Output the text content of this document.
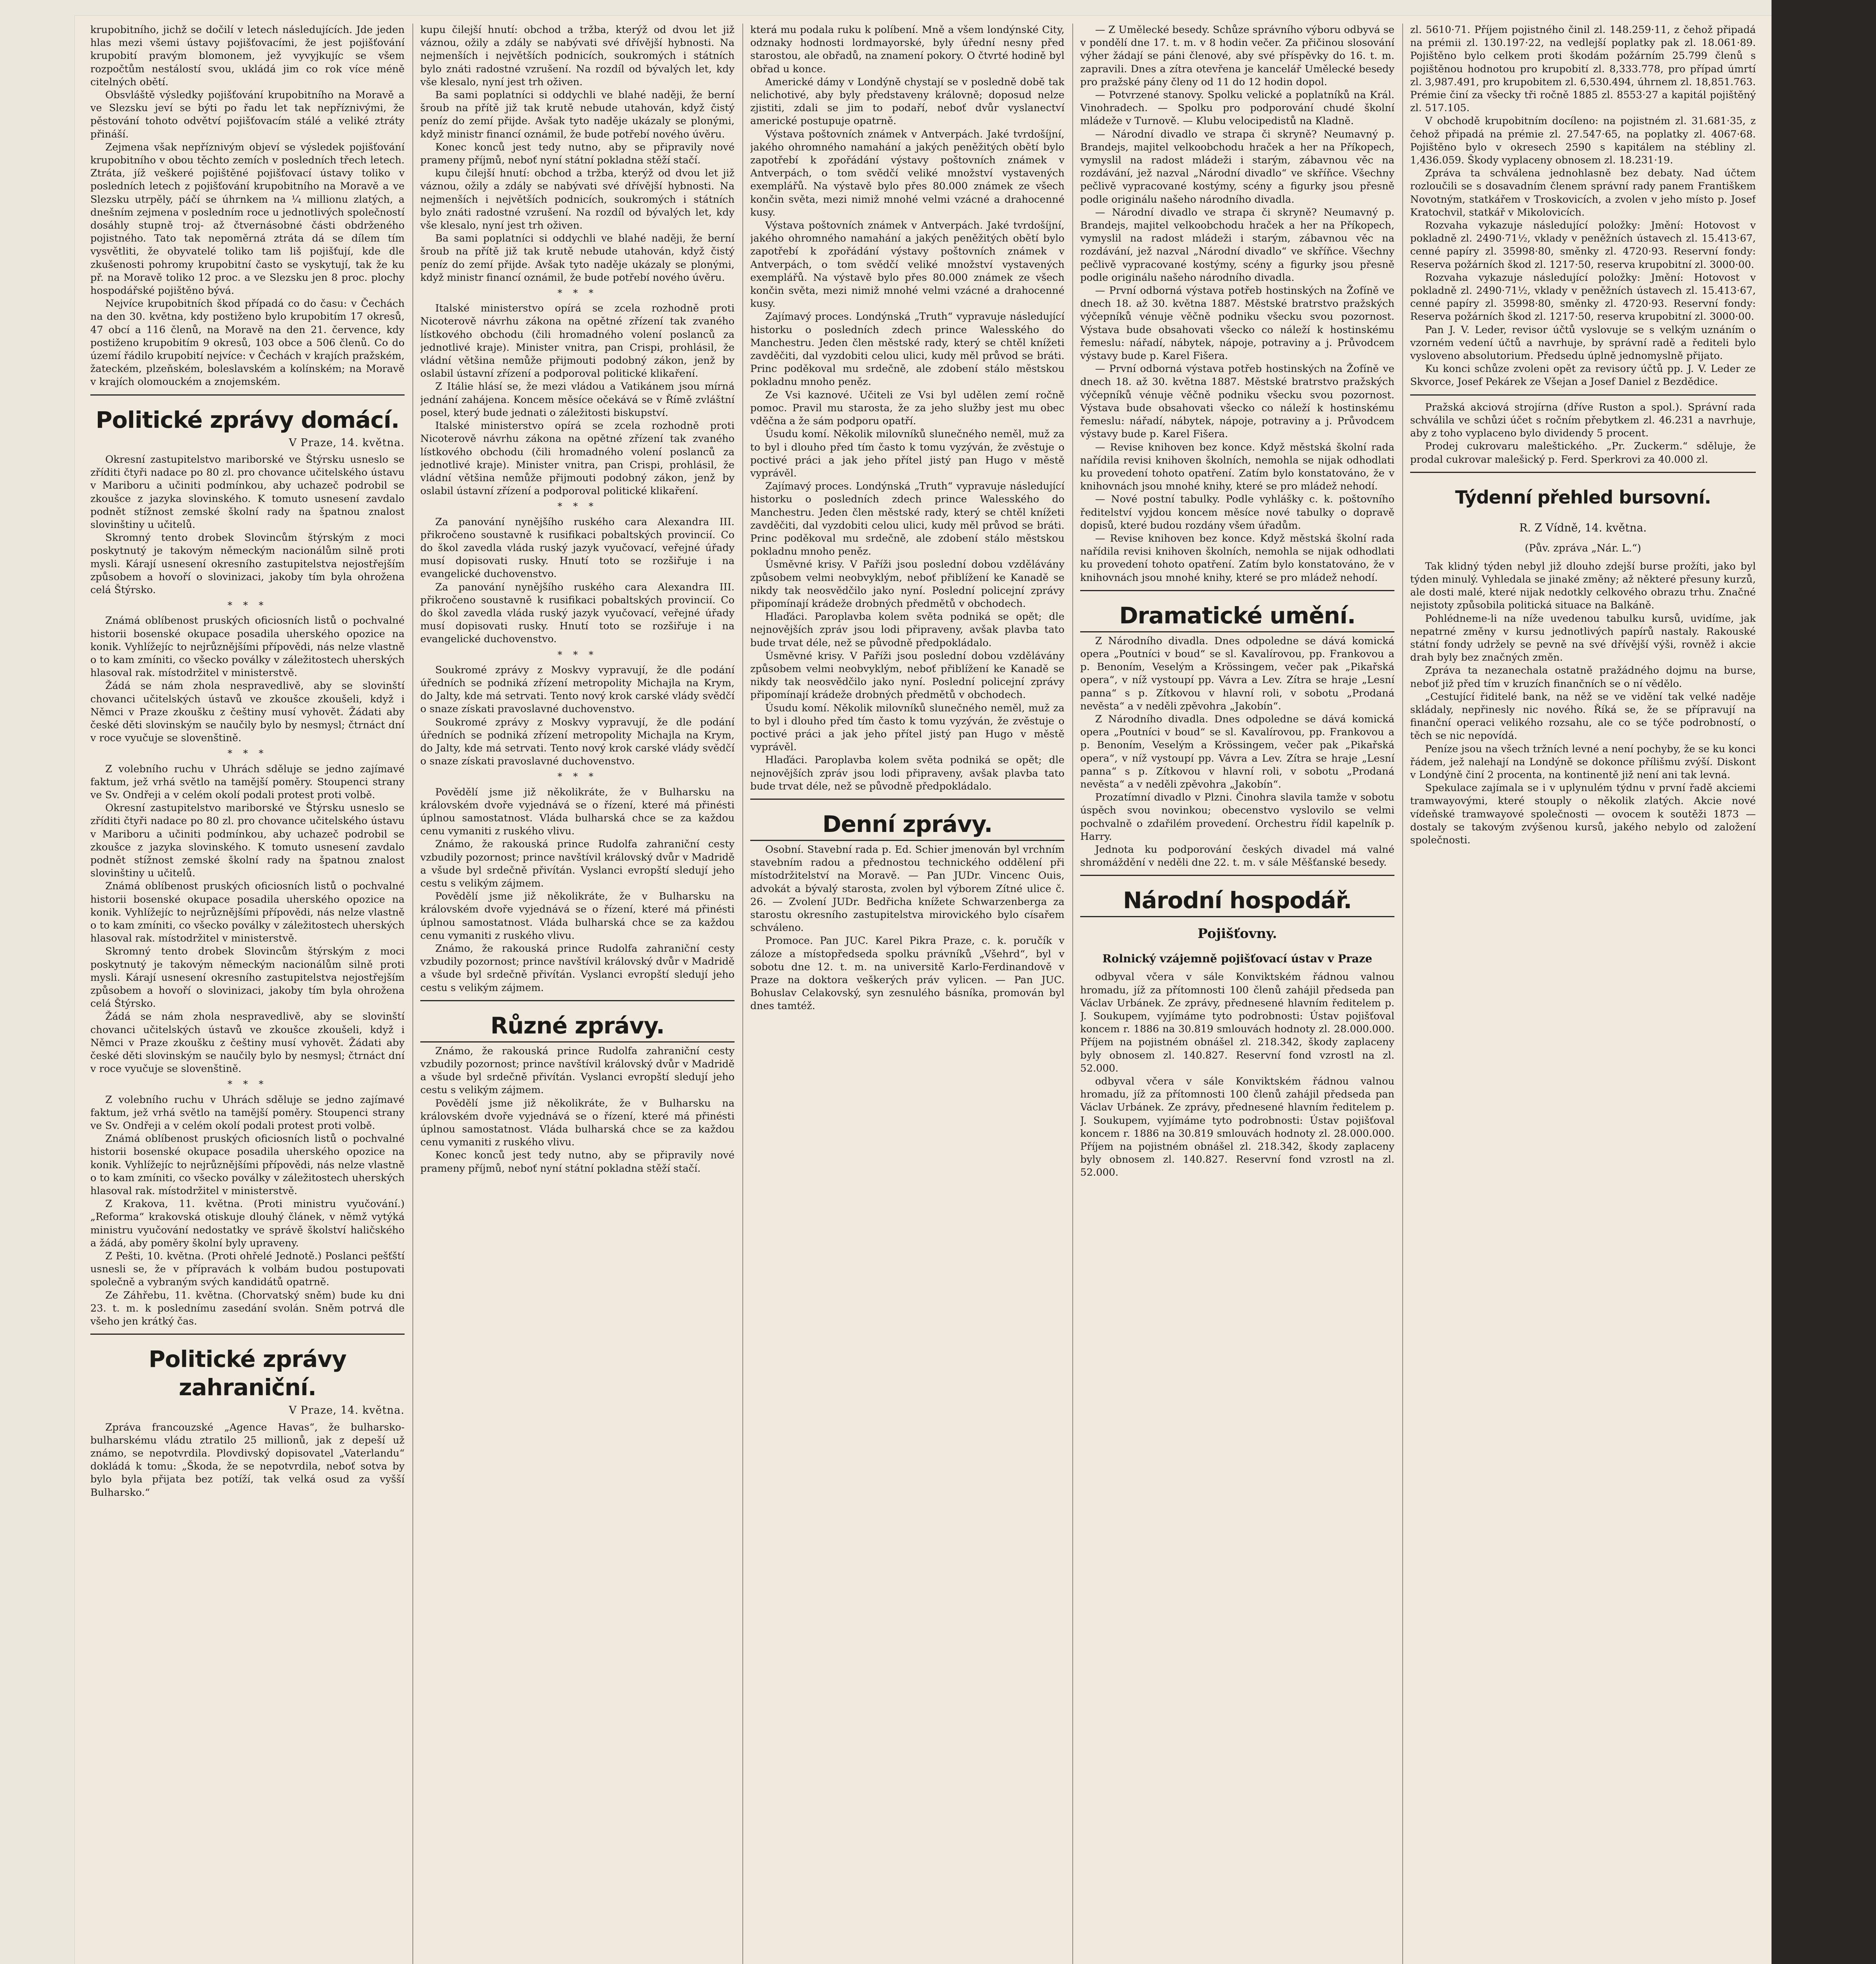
krupobitního, jichž se dočilí v letech následujících. Jde jeden hlas mezi všemi ústavy pojišťovacími, že jest pojišťování krupobití pravým blomonem, jež vyvyjkujíc se všem rozpočtům nestálostí svou, ukládá jim co rok více méně citelných obětí.

Obsvláště výsledky pojišťování krupobitního na Moravě a ve Slezsku jeví se býti po řadu let tak nepříznivými, že pěstování tohoto odvětví pojišťovacím stálé a veliké ztráty přináší.

Zejmena však nepříznivým objeví se výsledek pojišťování krupobitního v obou těchto zemích v posledních třech letech. Ztráta, jíž veškeré pojištěné pojišťovací ústavy toliko v posledních letech z pojišťování krupobitního na Moravě a ve Slezsku utrpěly, páčí se úhrnkem na ¼ millionu zlatých, a dnešním zejmena v posledním roce u jednotlivých společností dosáhly stupně troj- až čtvernásobné části obdrženého pojistného. Tato tak nepoměrná ztráta dá se dílem tím vysvětliti, že obyvatelé toliko tam liš pojišťují, kde dle zkušenosti pohromy krupobitní často se vyskytují, tak že ku př. na Moravě toliko 12 proc. a ve Slezsku jen 8 proc. plochy hospodářské pojištěno bývá.

Nejvíce krupobitních škod případá co do času: v Čechách na den 30. května, kdy postiženo bylo krupobitím 17 okresů, 47 obcí a 116 členů, na Moravě na den 21. července, kdy postiženo krupobitím 9 okresů, 103 obce a 506 členů. Co do území řádilo krupobití nejvíce: v Čechách v krajích pražském, žateckém, plzeňském, boleslavském a kolínském; na Moravě v krajích olomouckém a znojemském.

Politické zprávy domácí.
V Praze, 14. května.

Okresní zastupitelstvo mariborské ve Štýrsku usneslo se zříditi čtyři nadace po 80 zl. pro chovance učitelského ústavu v Mariboru a učiniti podmínkou, aby uchazeč podrobil se zkoušce z jazyka slovinského. K tomuto usnesení zavdalo podnět stížnost zemské školní rady na špatnou znalost slovinštiny u učitelů.

Skromný tento drobek Slovincům štýrským z moci poskytnutý je takovým německým nacionálům silně proti mysli. Kárají usnesení okresního zastupitelstva nejostřejším způsobem a hovoří o slovinizaci, jakoby tím byla ohrožena celá Štýrsko.

* * *

Známá oblíbenost pruských oficiosních listů o pochvalné historii bosenské okupace posadila uherského opozice na konik. Vyhlížejíc to nejrůznějšími přípovědi, nás nelze vlastně o to kam zmíniti, co všecko poválky v záležitostech uherských hlasoval rak. místodržitel v ministerstvě.

Žádá se nám zhola nespravedlivě, aby se slovinští chovanci učitelských ústavů ve zkoušce zkoušeli, když i Němci v Praze zkoušku z češtiny musí vyhovět. Žádati aby české děti slovinským se naučily bylo by nesmysl; čtrnáct dní v roce vyučuje se slovenštině.

* * *

Z volebního ruchu v Uhrách sděluje se jedno zajímavé faktum, jež vrhá světlo na tamější poměry. Stoupenci strany ve Sv. Ondřeji a v celém okolí podali protest proti volbě.

Okresní zastupitelstvo mariborské ve Štýrsku usneslo se zříditi čtyři nadace po 80 zl. pro chovance učitelského ústavu v Mariboru a učiniti podmínkou, aby uchazeč podrobil se zkoušce z jazyka slovinského. K tomuto usnesení zavdalo podnět stížnost zemské školní rady na špatnou znalost slovinštiny u učitelů.

Známá oblíbenost pruských oficiosních listů o pochvalné historii bosenské okupace posadila uherského opozice na konik. Vyhlížejíc to nejrůznějšími přípovědi, nás nelze vlastně o to kam zmíniti, co všecko poválky v záležitostech uherských hlasoval rak. místodržitel v ministerstvě.

Skromný tento drobek Slovincům štýrským z moci poskytnutý je takovým německým nacionálům silně proti mysli. Kárají usnesení okresního zastupitelstva nejostřejším způsobem a hovoří o slovinizaci, jakoby tím byla ohrožena celá Štýrsko.

Žádá se nám zhola nespravedlivě, aby se slovinští chovanci učitelských ústavů ve zkoušce zkoušeli, když i Němci v Praze zkoušku z češtiny musí vyhovět. Žádati aby české děti slovinským se naučily bylo by nesmysl; čtrnáct dní v roce vyučuje se slovenštině.

* * *

Z volebního ruchu v Uhrách sděluje se jedno zajímavé faktum, jež vrhá světlo na tamější poměry. Stoupenci strany ve Sv. Ondřeji a v celém okolí podali protest proti volbě.

Známá oblíbenost pruských oficiosních listů o pochvalné historii bosenské okupace posadila uherského opozice na konik. Vyhlížejíc to nejrůznějšími přípovědi, nás nelze vlastně o to kam zmíniti, co všecko poválky v záležitostech uherských hlasoval rak. místodržitel v ministerstvě.

Z Krakova, 11. května. (Proti ministru vyučování.) „Reforma“ krakovská otiskuje dlouhý článek, v němž vytýká ministru vyučování nedostatky ve správě školství haličského a žádá, aby poměry školní byly upraveny.

Z Pešti, 10. května. (Proti ohřelé Jednotě.) Poslanci pešťští usnesli se, že v přípravách k volbám budou postupovati společně a vybraným svých kandidátů opatrně.

Ze Záhřebu, 11. května. (Chorvatský sněm) bude ku dni 23. t. m. k poslednímu zasedání svolán. Sněm potrvá dle všeho jen krátký čas.

Politické zprávy zahraniční.
V Praze, 14. května.

Zpráva francouzské „Agence Havas“, že bulharsko-bulharskému vládu ztratilo 25 millionů, jak z depeší už známo, se nepotvrdila. Plovdivský dopisovatel „Vaterlandu“ dokládá k tomu: „Škoda, že se nepotvrdila, neboť sotva by bylo byla přijata bez potíží, tak velká osud za vyšší Bulharsko.“

kupu čilejší hnutí: obchod a tržba, kterýž od dvou let již váznou, ožily a zdály se nabývati své dřívější hybnosti. Na nejmenších i největších podnicích, soukromých i státních bylo znáti radostné vzrušení. Na rozdíl od bývalých let, kdy vše klesalo, nyní jest trh oživen.

Ba sami poplatníci si oddychli ve blahé naději, že berní šroub na přítě již tak krutě nebude utahován, když čistý peníz do zemí přijde. Avšak tyto naděje ukázaly se plonými, když ministr financí oznámil, že bude potřebí nového úvěru.

Konec konců jest tedy nutno, aby se připravily nové prameny příjmů, neboť nyní státní pokladna stěží stačí.

kupu čilejší hnutí: obchod a tržba, kterýž od dvou let již váznou, ožily a zdály se nabývati své dřívější hybnosti. Na nejmenších i největších podnicích, soukromých i státních bylo znáti radostné vzrušení. Na rozdíl od bývalých let, kdy vše klesalo, nyní jest trh oživen.

Ba sami poplatníci si oddychli ve blahé naději, že berní šroub na přítě již tak krutě nebude utahován, když čistý peníz do zemí přijde. Avšak tyto naděje ukázaly se plonými, když ministr financí oznámil, že bude potřebí nového úvěru.

* * *

Italské ministerstvo opírá se zcela rozhodně proti Nicoterově návrhu zákona na opětné zřízení tak zvaného lístkového obchodu (čili hromadného volení poslanců za jednotlivé kraje). Minister vnitra, pan Crispi, prohlásil, že vládní většina nemůže přijmouti podobný zákon, jenž by oslabil ústavní zřízení a podporoval politické klikaření.

Z Itálie hlásí se, že mezi vládou a Vatikánem jsou mírná jednání zahájena. Koncem měsíce očekává se v Římě zvláštní posel, který bude jednati o záležitosti biskupství.

Italské ministerstvo opírá se zcela rozhodně proti Nicoterově návrhu zákona na opětné zřízení tak zvaného lístkového obchodu (čili hromadného volení poslanců za jednotlivé kraje). Minister vnitra, pan Crispi, prohlásil, že vládní většina nemůže přijmouti podobný zákon, jenž by oslabil ústavní zřízení a podporoval politické klikaření.

* * *

Za panování nynějšího ruského cara Alexandra III. přikročeno soustavně k rusifikaci pobaltských provincií. Co do škol zavedla vláda ruský jazyk vyučovací, veřejné úřady musí dopisovati rusky. Hnutí toto se rozšiřuje i na evangelické duchovenstvo.

Za panování nynějšího ruského cara Alexandra III. přikročeno soustavně k rusifikaci pobaltských provincií. Co do škol zavedla vláda ruský jazyk vyučovací, veřejné úřady musí dopisovati rusky. Hnutí toto se rozšiřuje i na evangelické duchovenstvo.

* * *

Soukromé zprávy z Moskvy vypravují, že dle podání úředních se podniká zřízení metropolity Michajla na Krym, do Jalty, kde má setrvati. Tento nový krok carské vlády svědčí o snaze získati pravoslavné duchovenstvo.

Soukromé zprávy z Moskvy vypravují, že dle podání úředních se podniká zřízení metropolity Michajla na Krym, do Jalty, kde má setrvati. Tento nový krok carské vlády svědčí o snaze získati pravoslavné duchovenstvo.

* * *

Povědělí jsme již několikráte, že v Bulharsku na královském dvoře vyjednává se o řízení, které má přinésti úplnou samostatnost. Vláda bulharská chce se za každou cenu vymaniti z ruského vlivu.

Známo, že rakouská prince Rudolfa zahraniční cesty vzbudily pozornost; prince navštívil královský dvůr v Madridě a všude byl srdečně přivítán. Vyslanci evropští sledují jeho cestu s velikým zájmem.

Povědělí jsme již několikráte, že v Bulharsku na královském dvoře vyjednává se o řízení, které má přinésti úplnou samostatnost. Vláda bulharská chce se za každou cenu vymaniti z ruského vlivu.

Známo, že rakouská prince Rudolfa zahraniční cesty vzbudily pozornost; prince navštívil královský dvůr v Madridě a všude byl srdečně přivítán. Vyslanci evropští sledují jeho cestu s velikým zájmem.

Různé zprávy.

Známo, že rakouská prince Rudolfa zahraniční cesty vzbudily pozornost; prince navštívil královský dvůr v Madridě a všude byl srdečně přivítán. Vyslanci evropští sledují jeho cestu s velikým zájmem.

Povědělí jsme již několikráte, že v Bulharsku na královském dvoře vyjednává se o řízení, které má přinésti úplnou samostatnost. Vláda bulharská chce se za každou cenu vymaniti z ruského vlivu.

Konec konců jest tedy nutno, aby se připravily nové prameny příjmů, neboť nyní státní pokladna stěží stačí.

která mu podala ruku k políbení. Mně a všem londýnské City, odznaky hodnosti lordmayorské, byly úřední nesny před starostou, ale obřadů, na znamení pokory. O čtvrté hodině byl obřad u konce.

Americké dámy v Londýně chystají se v posledně době tak nelichotivé, aby byly představeny královně; doposud nelze zjistiti, zdali se jim to podaří, neboť dvůr vyslanectví americké postupuje opatrně.

Výstava poštovních známek v Antverpách. Jaké tvrdošíjní, jakého ohromného namahání a jakých peněžitých obětí bylo zapotřebí k zpořádání výstavy poštovních známek v Antverpách, o tom svědčí veliké množství vystavených exemplářů. Na výstavě bylo přes 80.000 známek ze všech končin světa, mezi nimiž mnohé velmi vzácné a drahocenné kusy.

Výstava poštovních známek v Antverpách. Jaké tvrdošíjní, jakého ohromného namahání a jakých peněžitých obětí bylo zapotřebí k zpořádání výstavy poštovních známek v Antverpách, o tom svědčí veliké množství vystavených exemplářů. Na výstavě bylo přes 80.000 známek ze všech končin světa, mezi nimiž mnohé velmi vzácné a drahocenné kusy.

Zajímavý proces. Londýnská „Truth“ vypravuje následující historku o posledních zdech prince Walesského do Manchestru. Jeden člen městské rady, který se chtěl knížeti zavděčiti, dal vyzdobiti celou ulici, kudy měl průvod se bráti. Princ poděkoval mu srdečně, ale zdobení stálo městskou pokladnu mnoho peněz.

Ze Vsi kaznové. Učiteli ze Vsi byl udělen zemí ročně pomoc. Pravil mu starosta, že za jeho služby jest mu obec vděčna a že sám podporu opatří.

Úsudu komí. Několik milovníků slunečného neměl, muž za to byl i dlouho před tím často k tomu vyzýván, že zvěstuje o poctivé práci a jak jeho přítel jistý pan Hugo v městě vyprávěl.

Zajímavý proces. Londýnská „Truth“ vypravuje následující historku o posledních zdech prince Walesského do Manchestru. Jeden člen městské rady, který se chtěl knížeti zavděčiti, dal vyzdobiti celou ulici, kudy měl průvod se bráti. Princ poděkoval mu srdečně, ale zdobení stálo městskou pokladnu mnoho peněz.

Úsměvné krisy. V Paříži jsou poslední dobou vzdělávány způsobem velmi neobvyklým, neboť přiblížení ke Kanadě se nikdy tak neosvědčilo jako nyní. Poslední policejní zprávy připomínají krádeže drobných předmětů v obchodech.

Hlaďáci. Paroplavba kolem světa podniká se opět; dle nejnovějších zpráv jsou lodi připraveny, avšak plavba tato bude trvat déle, než se původně předpokládalo.

Úsměvné krisy. V Paříži jsou poslední dobou vzdělávány způsobem velmi neobvyklým, neboť přiblížení ke Kanadě se nikdy tak neosvědčilo jako nyní. Poslední policejní zprávy připomínají krádeže drobných předmětů v obchodech.

Úsudu komí. Několik milovníků slunečného neměl, muž za to byl i dlouho před tím často k tomu vyzýván, že zvěstuje o poctivé práci a jak jeho přítel jistý pan Hugo v městě vyprávěl.

Hlaďáci. Paroplavba kolem světa podniká se opět; dle nejnovějších zpráv jsou lodi připraveny, avšak plavba tato bude trvat déle, než se původně předpokládalo.

Denní zprávy.

Osobní. Stavební rada p. Ed. Schier jmenován byl vrchním stavebním radou a přednostou technického oddělení při místodržitelství na Moravě. — Pan JUDr. Vincenc Ouis, advokát a bývalý starosta, zvolen byl výborem Zítné ulice č. 26. — Zvolení JUDr. Bedřicha knížete Schwarzenberga za starostu okresního zastupitelstva mirovického bylo císařem schváleno.

Promoce. Pan JUC. Karel Pikra Praze, c. k. poručík v záloze a místopředseda spolku právníků „Všehrd“, byl v sobotu dne 12. t. m. na universitě Karlo-Ferdinandově v Praze na doktora veškerých práv vylicen. — Pan JUC. Bohuslav Celakovský, syn zesnulého básníka, promován byl dnes tamtéž.

— Z Umělecké besedy. Schůze správního výboru odbyvá se v pondělí dne 17. t. m. v 8 hodin večer. Za přičinou slosování výher žádají se páni členové, aby své příspěvky do 16. t. m. zapravili. Dnes a zítra otevřena je kancelář Umělecké besedy pro pražské pány členy od 11 do 12 hodin dopol.

— Potvrzené stanovy. Spolku velické a poplatníků na Král. Vinohradech. — Spolku pro podporování chudé školní mládeže v Turnově. — Klubu velocipedistů na Kladně.

— Národní divadlo ve strapa či skryně? Neumavný p. Brandejs, majitel velkoobchodu hraček a her na Příkopech, vymyslil na radost mládeži i starým, zábavnou věc na rozdávání, jež nazval „Národní divadlo“ ve skříňce. Všechny pečlivě vypracované kostýmy, scény a figurky jsou přesně podle originálu našeho národního divadla.

— Národní divadlo ve strapa či skryně? Neumavný p. Brandejs, majitel velkoobchodu hraček a her na Příkopech, vymyslil na radost mládeži i starým, zábavnou věc na rozdávání, jež nazval „Národní divadlo“ ve skříňce. Všechny pečlivě vypracované kostýmy, scény a figurky jsou přesně podle originálu našeho národního divadla.

— První odborná výstava potřeb hostinských na Žofíně ve dnech 18. až 30. května 1887. Městské bratrstvo pražských výčepníků vénuje věčně podniku všecku svou pozornost. Výstava bude obsahovati všecko co náleží k hostinskému řemeslu: nářadí, nábytek, nápoje, potraviny a j. Průvodcem výstavy bude p. Karel Fišera.

— První odborná výstava potřeb hostinských na Žofíně ve dnech 18. až 30. května 1887. Městské bratrstvo pražských výčepníků vénuje věčně podniku všecku svou pozornost. Výstava bude obsahovati všecko co náleží k hostinskému řemeslu: nářadí, nábytek, nápoje, potraviny a j. Průvodcem výstavy bude p. Karel Fišera.

— Revise knihoven bez konce. Když městská školní rada nařídila revisi knihoven školních, nemohla se nijak odhodlati ku provedení tohoto opatření. Zatím bylo konstatováno, že v knihovnách jsou mnohé knihy, které se pro mládež nehodí.

— Nové postní tabulky. Podle vyhlášky c. k. poštovního ředitelství vyjdou koncem měsíce nové tabulky o dopravě dopisů, které budou rozdány všem úřadům.

— Revise knihoven bez konce. Když městská školní rada nařídila revisi knihoven školních, nemohla se nijak odhodlati ku provedení tohoto opatření. Zatím bylo konstatováno, že v knihovnách jsou mnohé knihy, které se pro mládež nehodí.

Dramatické umění.

Z Národního divadla. Dnes odpoledne se dává komická opera „Poutníci v boud“ se sl. Kavalírovou, pp. Frankovou a p. Benoním, Veselým a Krössingem, večer pak „Pikařská opera“, v níž vystoupí pp. Vávra a Lev. Zítra se hraje „Lesní panna“ s p. Zítkovou v hlavní roli, v sobotu „Prodaná nevěsta“ a v neděli zpěvohra „Jakobín“.

Z Národního divadla. Dnes odpoledne se dává komická opera „Poutníci v boud“ se sl. Kavalírovou, pp. Frankovou a p. Benoním, Veselým a Krössingem, večer pak „Pikařská opera“, v níž vystoupí pp. Vávra a Lev. Zítra se hraje „Lesní panna“ s p. Zítkovou v hlavní roli, v sobotu „Prodaná nevěsta“ a v neděli zpěvohra „Jakobín“.

Prozatímní divadlo v Plzni. Činohra slavila tamže v sobotu úspěch svou novinkou; obecenstvo vyslovilo se velmi pochvalně o zdařilém provedení. Orchestru řídil kapelník p. Harry.

Jednota ku podporování českých divadel má valné shromáždění v neděli dne 22. t. m. v sále Měšťanské besedy.

Národní hospodář.
Pojišťovny.
Rolnický vzájemně pojišťovací ústav v Praze

odbyval včera v sále Konviktském řádnou valnou hromadu, jíž za přítomnosti 100 členů zahájil předseda pan Václav Urbánek. Ze zprávy, přednesené hlavním ředitelem p. J. Soukupem, vyjímáme tyto podrobnosti: Ústav pojišťoval koncem r. 1886 na 30.819 smlouvách hodnoty zl. 28.000.000. Příjem na pojistném obnášel zl. 218.342, škody zaplaceny byly obnosem zl. 140.827. Reservní fond vzrostl na zl. 52.000.

odbyval včera v sále Konviktském řádnou valnou hromadu, jíž za přítomnosti 100 členů zahájil předseda pan Václav Urbánek. Ze zprávy, přednesené hlavním ředitelem p. J. Soukupem, vyjímáme tyto podrobnosti: Ústav pojišťoval koncem r. 1886 na 30.819 smlouvách hodnoty zl. 28.000.000. Příjem na pojistném obnášel zl. 218.342, škody zaplaceny byly obnosem zl. 140.827. Reservní fond vzrostl na zl. 52.000.

zl. 5610·71. Příjem pojistného činil zl. 148.259·11, z čehož připadá na prémii zl. 130.197·22, na vedlejší poplatky pak zl. 18.061·89. Pojištěno bylo celkem proti škodám požárním 25.799 členů s pojištěnou hodnotou pro krupobití zl. 8,333.778, pro případ úmrtí zl. 3,987.491, pro krupobitem zl. 6,530.494, úhrnem zl. 18,851.763. Prémie činí za všecky tři ročně 1885 zl. 8553·27 a kapitál pojištěný zl. 517.105.

V obchodě krupobitním docíleno: na pojistném zl. 31.681·35, z čehož připadá na prémie zl. 27.547·65, na poplatky zl. 4067·68. Pojištěno bylo v okresech 2590 s kapitálem na stébliny zl. 1,436.059. Škody vyplaceny obnosem zl. 18.231·19.

Zpráva ta schválena jednohlasně bez debaty. Nad účtem rozloučili se s dosavadním členem správní rady panem Františkem Novotným, statkářem v Troskovicích, a zvolen v jeho místo p. Josef Kratochvil, statkář v Mikolovicích.

Rozvaha vykazuje následující položky: Jmění: Hotovost v pokladně zl. 2490·71½, vklady v peněžních ústavech zl. 15.413·67, cenné papíry zl. 35998·80, směnky zl. 4720·93. Reservní fondy: Reserva požárních škod zl. 1217·50, reserva krupobitní zl. 3000·00.

Rozvaha vykazuje následující položky: Jmění: Hotovost v pokladně zl. 2490·71½, vklady v peněžních ústavech zl. 15.413·67, cenné papíry zl. 35998·80, směnky zl. 4720·93. Reservní fondy: Reserva požárních škod zl. 1217·50, reserva krupobitní zl. 3000·00.

Pan J. V. Leder, revisor účtů vyslovuje se s velkým uznáním o vzorném vedení účtů a navrhuje, by správní radě a řediteli bylo vysloveno absolutorium. Předsedu úplně jednomyslně přijato.

Ku konci schůze zvoleni opět za revisory účtů pp. J. V. Leder ze Skvorce, Josef Pekárek ze Všejan a Josef Daniel z Bezdědice.

Pražská akciová strojírna (dříve Ruston a spol.). Správní rada schválila ve schůzi účet s ročním přebytkem zl. 46.231 a navrhuje, aby z toho vyplaceno bylo dividendy 5 procent.

Prodej cukrovaru maleštického. „Pr. Zuckerm.“ sděluje, že prodal cukrovar malešický p. Ferd. Sperkrovi za 40.000 zl.

Týdenní přehled bursovní.
R. Z Vídně, 14. května.
(Pův. zpráva „Nár. L.“)

Tak klidný týden nebyl již dlouho zdejší burse prožíti, jako byl týden minulý. Vyhledala se jinaké změny; až některé přesuny kurzů, ale dosti malé, které nijak nedotkly celkového obrazu trhu. Značné nejistoty způsobila politická situace na Balkáně.

Pohlédneme-li na níže uvedenou tabulku kursů, uvidíme, jak nepatrné změny v kursu jednotlivých papírů nastaly. Rakouské státní fondy udržely se pevně na své dřívější výši, rovněž i akcie drah byly bez značných změn.

Zpráva ta nezanechala ostatně pražádného dojmu na burse, neboť již před tím v kruzích finančních se o ní vědělo.

„Cestující řiditelé bank, na něž se ve vidění tak velké naděje skládaly, nepřinesly nic nového. Říká se, že se přípravují na finanční operaci velikého rozsahu, ale co se týče podrobností, o těch se nic nepovídá.

Peníze jsou na všech tržních levné a není pochyby, že se ku konci řádem, jež nalehají na Londýně se dokonce přílišmu zvýší. Diskont v Londýně činí 2 procenta, na kontinentě již není ani tak levná.

Spekulace zajímala se i v uplynulém týdnu v první řadě akciemi tramwayovými, které stouply o několik zlatých. Akcie nové vídeňské tramwayové společnosti — ovocem k soutěži 1873 — dostaly se takovým zvýšenou kursů, jakého nebylo od založení společnosti.
